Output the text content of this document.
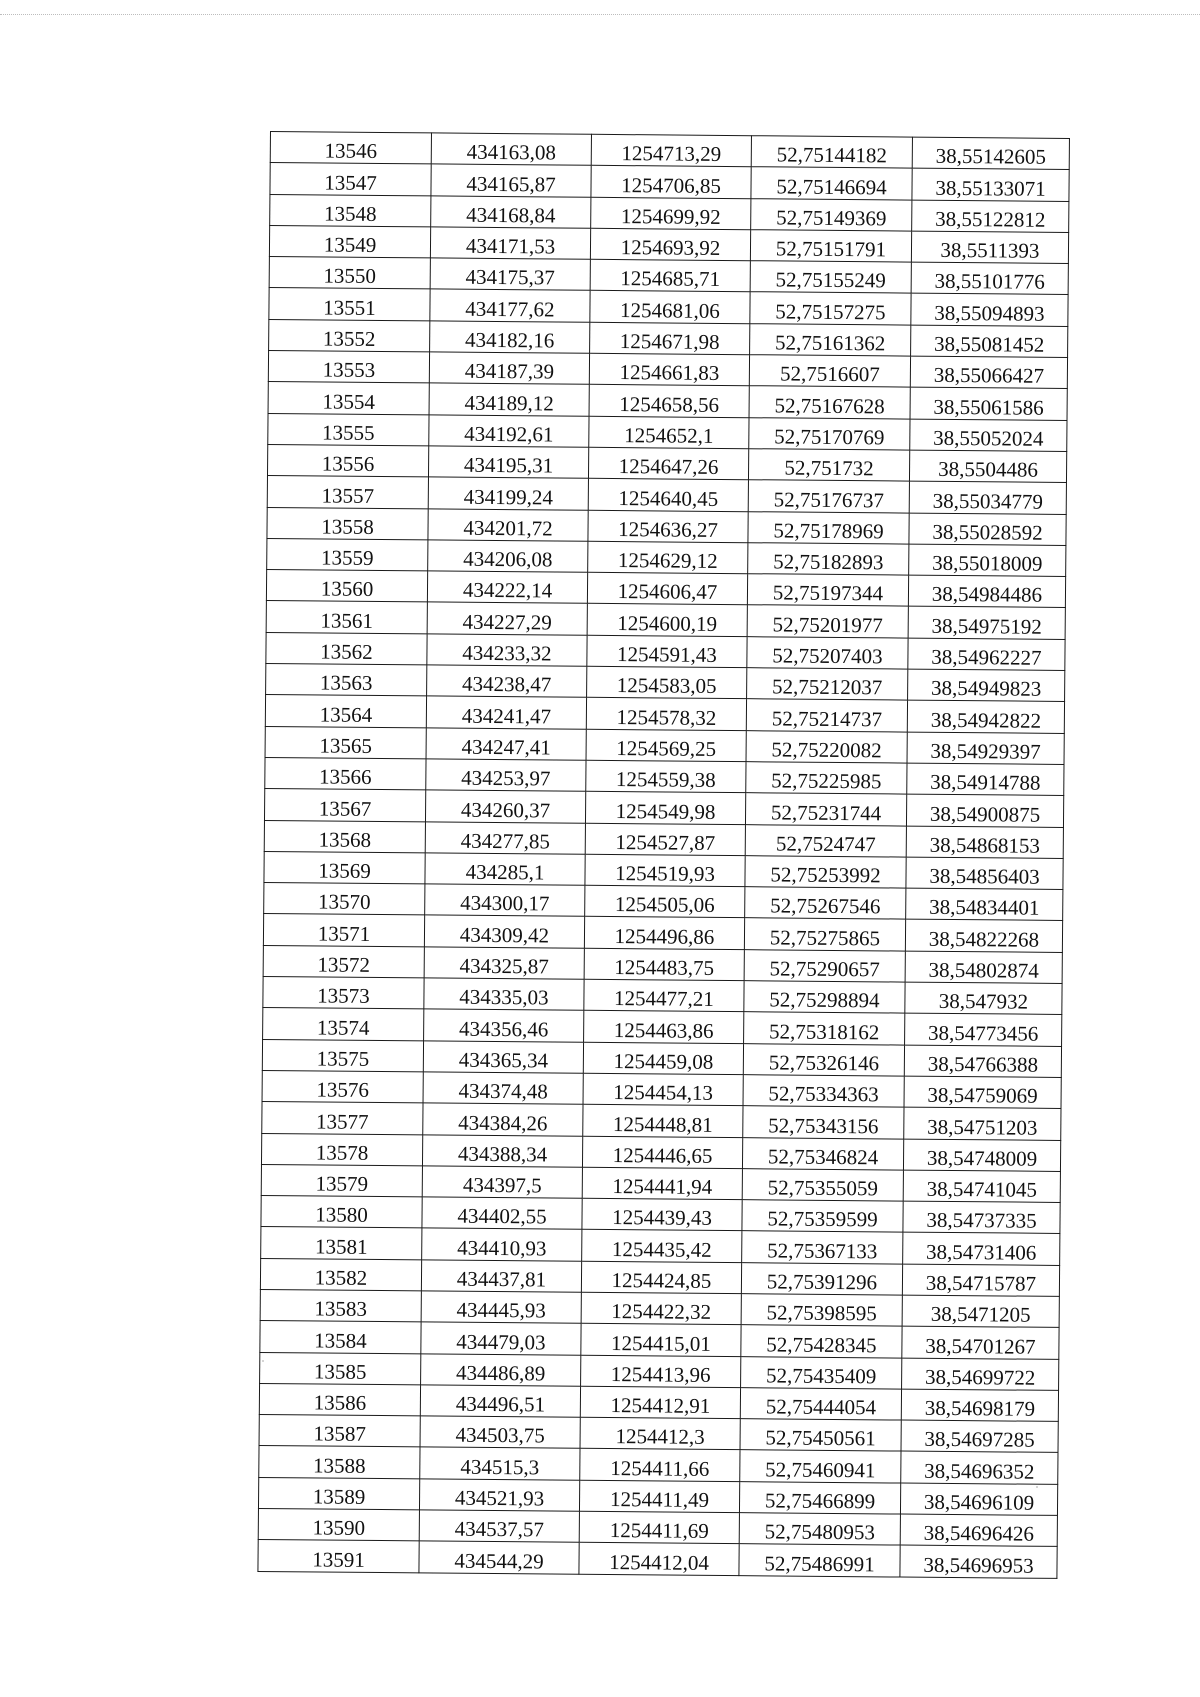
13546	434163,08	1254713,29	52,75144182	38,55142605
13547	434165,87	1254706,85	52,75146694	38,55133071
13548	434168,84	1254699,92	52,75149369	38,55122812
13549	434171,53	1254693,92	52,75151791	38,5511393
13550	434175,37	1254685,71	52,75155249	38,55101776
13551	434177,62	1254681,06	52,75157275	38,55094893
13552	434182,16	1254671,98	52,75161362	38,55081452
13553	434187,39	1254661,83	52,7516607	38,55066427
13554	434189,12	1254658,56	52,75167628	38,55061586
13555	434192,61	1254652,1	52,75170769	38,55052024
13556	434195,31	1254647,26	52,751732	38,5504486
13557	434199,24	1254640,45	52,75176737	38,55034779
13558	434201,72	1254636,27	52,75178969	38,55028592
13559	434206,08	1254629,12	52,75182893	38,55018009
13560	434222,14	1254606,47	52,75197344	38,54984486
13561	434227,29	1254600,19	52,75201977	38,54975192
13562	434233,32	1254591,43	52,75207403	38,54962227
13563	434238,47	1254583,05	52,75212037	38,54949823
13564	434241,47	1254578,32	52,75214737	38,54942822
13565	434247,41	1254569,25	52,75220082	38,54929397
13566	434253,97	1254559,38	52,75225985	38,54914788
13567	434260,37	1254549,98	52,75231744	38,54900875
13568	434277,85	1254527,87	52,7524747	38,54868153
13569	434285,1	1254519,93	52,75253992	38,54856403
13570	434300,17	1254505,06	52,75267546	38,54834401
13571	434309,42	1254496,86	52,75275865	38,54822268
13572	434325,87	1254483,75	52,75290657	38,54802874
13573	434335,03	1254477,21	52,75298894	38,547932
13574	434356,46	1254463,86	52,75318162	38,54773456
13575	434365,34	1254459,08	52,75326146	38,54766388
13576	434374,48	1254454,13	52,75334363	38,54759069
13577	434384,26	1254448,81	52,75343156	38,54751203
13578	434388,34	1254446,65	52,75346824	38,54748009
13579	434397,5	1254441,94	52,75355059	38,54741045
13580	434402,55	1254439,43	52,75359599	38,54737335
13581	434410,93	1254435,42	52,75367133	38,54731406
13582	434437,81	1254424,85	52,75391296	38,54715787
13583	434445,93	1254422,32	52,75398595	38,5471205
13584	434479,03	1254415,01	52,75428345	38,54701267
13585	434486,89	1254413,96	52,75435409	38,54699722
13586	434496,51	1254412,91	52,75444054	38,54698179
13587	434503,75	1254412,3	52,75450561	38,54697285
13588	434515,3	1254411,66	52,75460941	38,54696352
13589	434521,93	1254411,49	52,75466899	38,54696109
13590	434537,57	1254411,69	52,75480953	38,54696426
13591	434544,29	1254412,04	52,75486991	38,54696953
